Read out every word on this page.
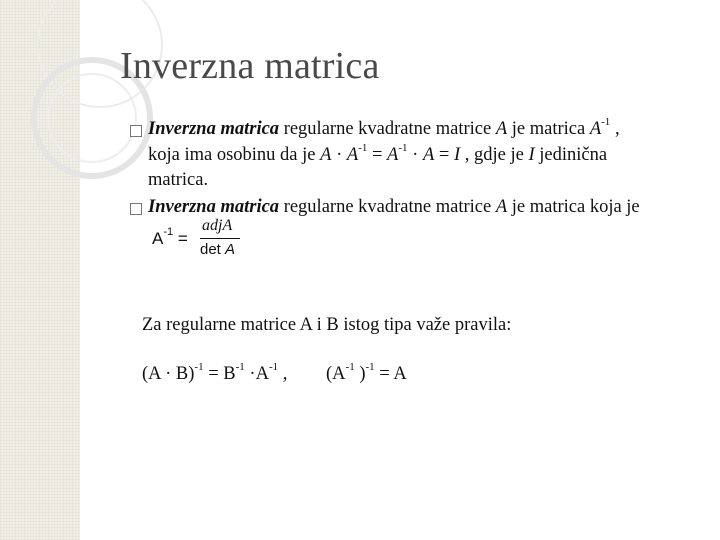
Inverzna matrica
Inverzna matrica regularne kvadratne matrice A je matrica $A^{-1}$ ,
koja ima osobinu da je $A \cdot A^{-1} = A^{-1} \cdot A = I$ , gdje je I jedinična
matrica.
Inverzna matrica regularne kvadratne matrice A je matrica koja je
$A^{-1}$ =
adjA
det A
Za regularne matrice A i B istog tipa važe pravila:
$(A \cdot B)^{-1} = B^{-1} \cdot A^{-1}$ , ($A^{-1}$ )$^{-1}$ = A
